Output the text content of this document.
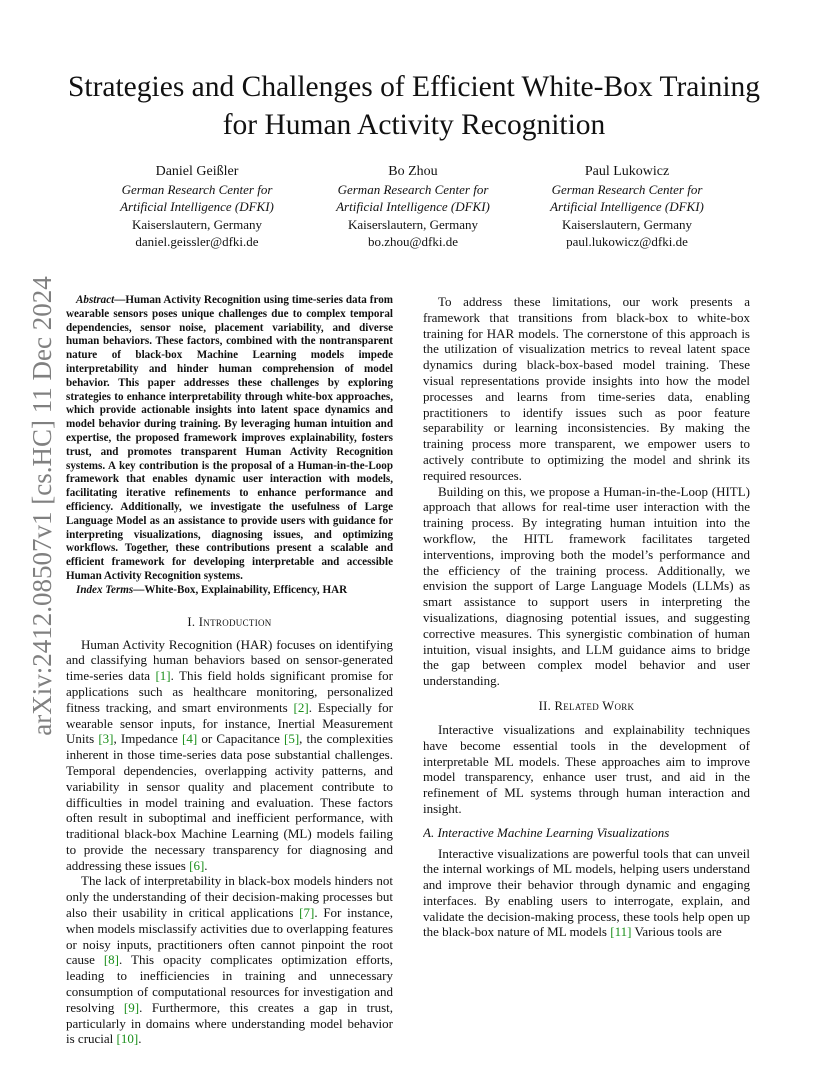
Strategies and Challenges of Efficient White-Box Training for Human Activity Recognition
arXiv:2412.08507v1 [cs.HC] 11 Dec 2024
Daniel Geißler
German Research Center for
Artificial Intelligence (DFKI)
Kaiserslautern, Germany
daniel.geissler@dfki.de
Bo Zhou
German Research Center for
Artificial Intelligence (DFKI)
Kaiserslautern, Germany
bo.zhou@dfki.de
Paul Lukowicz
German Research Center for
Artificial Intelligence (DFKI)
Kaiserslautern, Germany
paul.lukowicz@dfki.de

Abstract—Human Activity Recognition using time-series data from wearable sensors poses unique challenges due to complex temporal dependencies, sensor noise, placement variability, and diverse human behaviors. These factors, combined with the nontransparent nature of black-box Machine Learning models impede interpretability and hinder human comprehension of model behavior. This paper addresses these challenges by exploring strategies to enhance interpretability through white-box approaches, which provide actionable insights into latent space dynamics and model behavior during training. By leveraging human intuition and expertise, the proposed framework improves explainability, fosters trust, and promotes transparent Human Activity Recognition systems. A key contribution is the proposal of a Human-in-the-Loop framework that enables dynamic user interaction with models, facilitating iterative refinements to enhance performance and efficiency. Additionally, we investigate the usefulness of Large Language Model as an assistance to provide users with guidance for interpreting visualizations, diagnosing issues, and optimizing workflows. Together, these contributions present a scalable and efficient framework for developing interpretable and accessible Human Activity Recognition systems.

Index Terms—White-Box, Explainability, Efficency, HAR

I. Introduction

Human Activity Recognition (HAR) focuses on identifying and classifying human behaviors based on sensor-generated time-series data [1]. This field holds significant promise for applications such as healthcare monitoring, personalized fitness tracking, and smart environments [2]. Especially for wearable sensor inputs, for instance, Inertial Measurement Units [3], Impedance [4] or Capacitance [5], the complexities inherent in those time-series data pose substantial challenges. Temporal dependencies, overlapping activity patterns, and variability in sensor quality and placement contribute to difficulties in model training and evaluation. These factors often result in suboptimal and inefficient performance, with traditional black-box Machine Learning (ML) models failing to provide the necessary transparency for diagnosing and addressing these issues [6].

The lack of interpretability in black-box models hinders not only the understanding of their decision-making processes but also their usability in critical applications [7]. For instance, when models misclassify activities due to overlapping features or noisy inputs, practitioners often cannot pinpoint the root cause [8]. This opacity complicates optimization efforts, leading to inefficiencies in training and unnecessary consumption of computational resources for investigation and resolving [9]. Furthermore, this creates a gap in trust, particularly in domains where understanding model behavior is crucial [10].

To address these limitations, our work presents a framework that transitions from black-box to white-box training for HAR models. The cornerstone of this approach is the utilization of visualization metrics to reveal latent space dynamics during black-box-based model training. These visual representations provide insights into how the model processes and learns from time-series data, enabling practitioners to identify issues such as poor feature separability or learning inconsistencies. By making the training process more transparent, we empower users to actively contribute to optimizing the model and shrink its required resources.

Building on this, we propose a Human-in-the-Loop (HITL) approach that allows for real-time user interaction with the training process. By integrating human intuition into the workflow, the HITL framework facilitates targeted interventions, improving both the model’s performance and the efficiency of the training process. Additionally, we envision the support of Large Language Models (LLMs) as smart assistance to support users in interpreting the visualizations, diagnosing potential issues, and suggesting corrective measures. This synergistic combination of human intuition, visual insights, and LLM guidance aims to bridge the gap between complex model behavior and user understanding.

II. Related Work

Interactive visualizations and explainability techniques have become essential tools in the development of interpretable ML models. These approaches aim to improve model transparency, enhance user trust, and aid in the refinement of ML systems through human interaction and insight.

A. Interactive Machine Learning Visualizations

Interactive visualizations are powerful tools that can unveil the internal workings of ML models, helping users understand and improve their behavior through dynamic and engaging interfaces. By enabling users to interrogate, explain, and validate the decision-making process, these tools help open up the black-box nature of ML models [11] Various tools are
